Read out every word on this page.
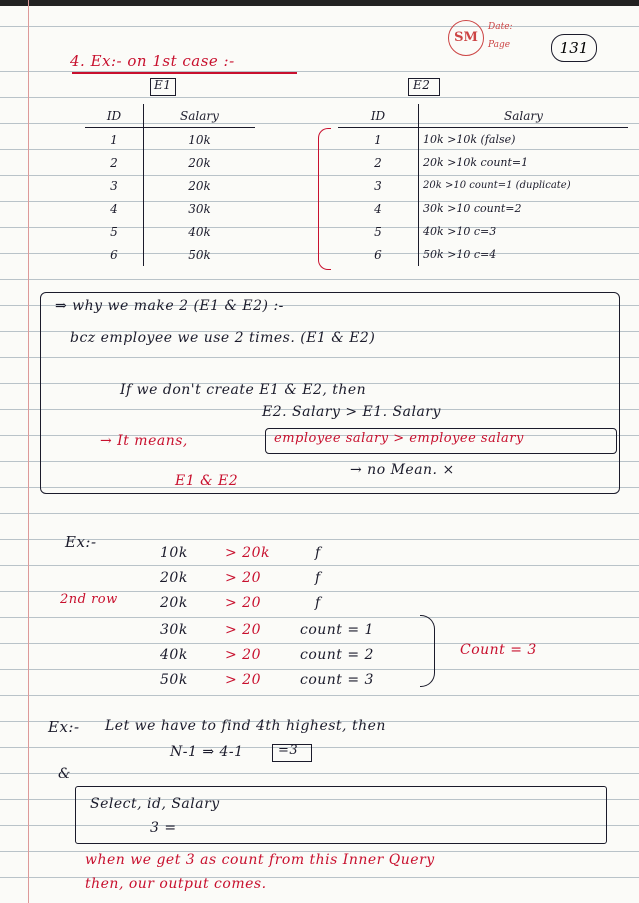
SM
Date:
Page	131
4. Ex:- on 1st case :-
E1
ID	Salary
1	10k
2	20k
3	20k
4	30k
5	40k
6	50k
E2
ID	Salary
1	10k >10k (false)
2	20k >10k count=1
3	20k >10 count=1 (duplicate)
4	30k >10 count=2
5	40k >10 c=3
6	50k >10 c=4
⇒ why we make 2 (E1 & E2) :-
bcz employee we use 2 times. (E1 & E2)
If we don't create E1 & E2, then
E2. Salary > E1. Salary
→ It means,	employee salary > employee salary
→ no Mean. ×
E1 & E2
Ex:-
2nd row
10k	> 20k	f
20k	> 20	f
20k	> 20	f
30k	> 20	count = 1
40k	> 20	count = 2
50k	> 20	count = 3
Count = 3
Ex:- Let we have to find 4th highest, then
N-1 ⇒ 4-1	=3
&
Select, id, Salary
3 =
when we get 3 as count from this Inner Query
then, our output comes.
